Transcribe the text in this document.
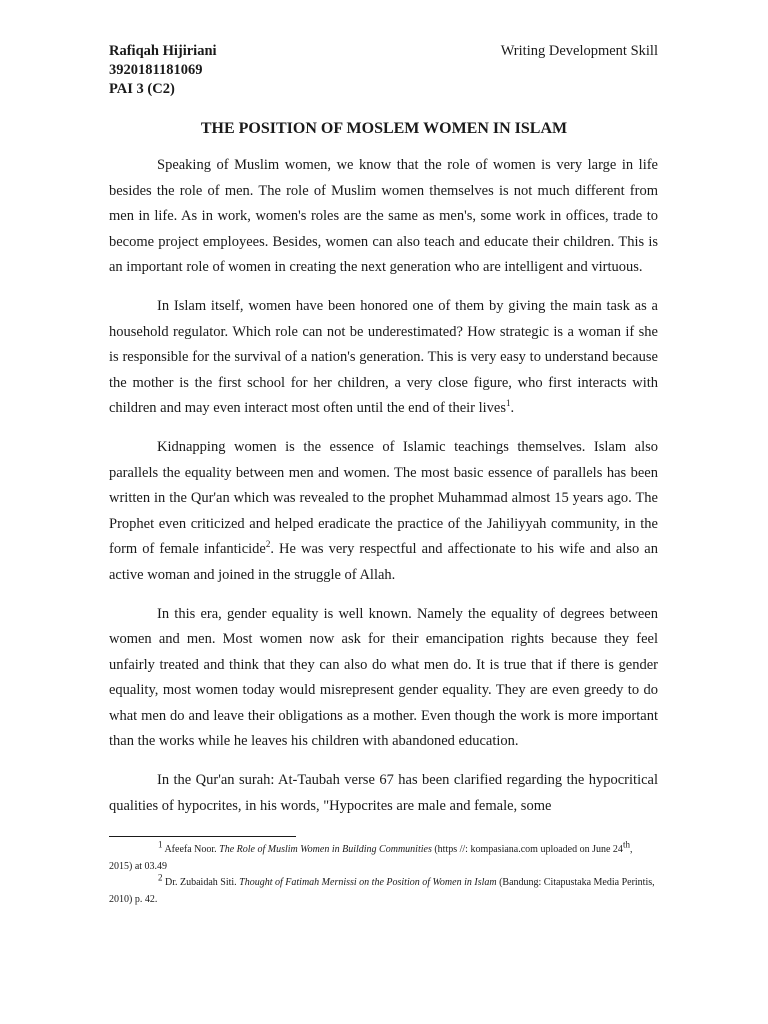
Rafiqah Hijiriani
3920181181069
PAI 3 (C2)
Writing Development Skill
THE POSITION OF MOSLEM WOMEN IN ISLAM

Speaking of Muslim women, we know that the role of women is very large in life besides the role of men. The role of Muslim women themselves is not much different from men in life. As in work, women's roles are the same as men's, some work in offices, trade to become project employees. Besides, women can also teach and educate their children. This is an important role of women in creating the next generation who are intelligent and virtuous.

In Islam itself, women have been honored one of them by giving the main task as a household regulator. Which role can not be underestimated? How strategic is a woman if she is responsible for the survival of a nation's generation. This is very easy to understand because the mother is the first school for her children, a very close figure, who first interacts with children and may even interact most often until the end of their lives$^1$.

Kidnapping women is the essence of Islamic teachings themselves. Islam also parallels the equality between men and women. The most basic essence of parallels has been written in the Qur'an which was revealed to the prophet Muhammad almost 15 years ago. The Prophet even criticized and helped eradicate the practice of the Jahiliyyah community, in the form of female infanticide$^2$. He was very respectful and affectionate to his wife and also an active woman and joined in the struggle of Allah.

In this era, gender equality is well known. Namely the equality of degrees between women and men. Most women now ask for their emancipation rights because they feel unfairly treated and think that they can also do what men do. It is true that if there is gender equality, most women today would misrepresent gender equality. They are even greedy to do what men do and leave their obligations as a mother. Even though the work is more important than the works while he leaves his children with abandoned education.

In the Qur'an surah: At-Taubah verse 67 has been clarified regarding the hypocritical qualities of hypocrites, in his words, "Hypocrites are male and female, some

$^1$ Afeefa Noor. The Role of Muslim Women in Building Communities (https //: kompasiana.com uploaded on June 24th, 2015) at 03.49

$^2$ Dr. Zubaidah Siti. Thought of Fatimah Mernissi on the Position of Women in Islam (Bandung: Citapustaka Media Perintis, 2010) p. 42.
